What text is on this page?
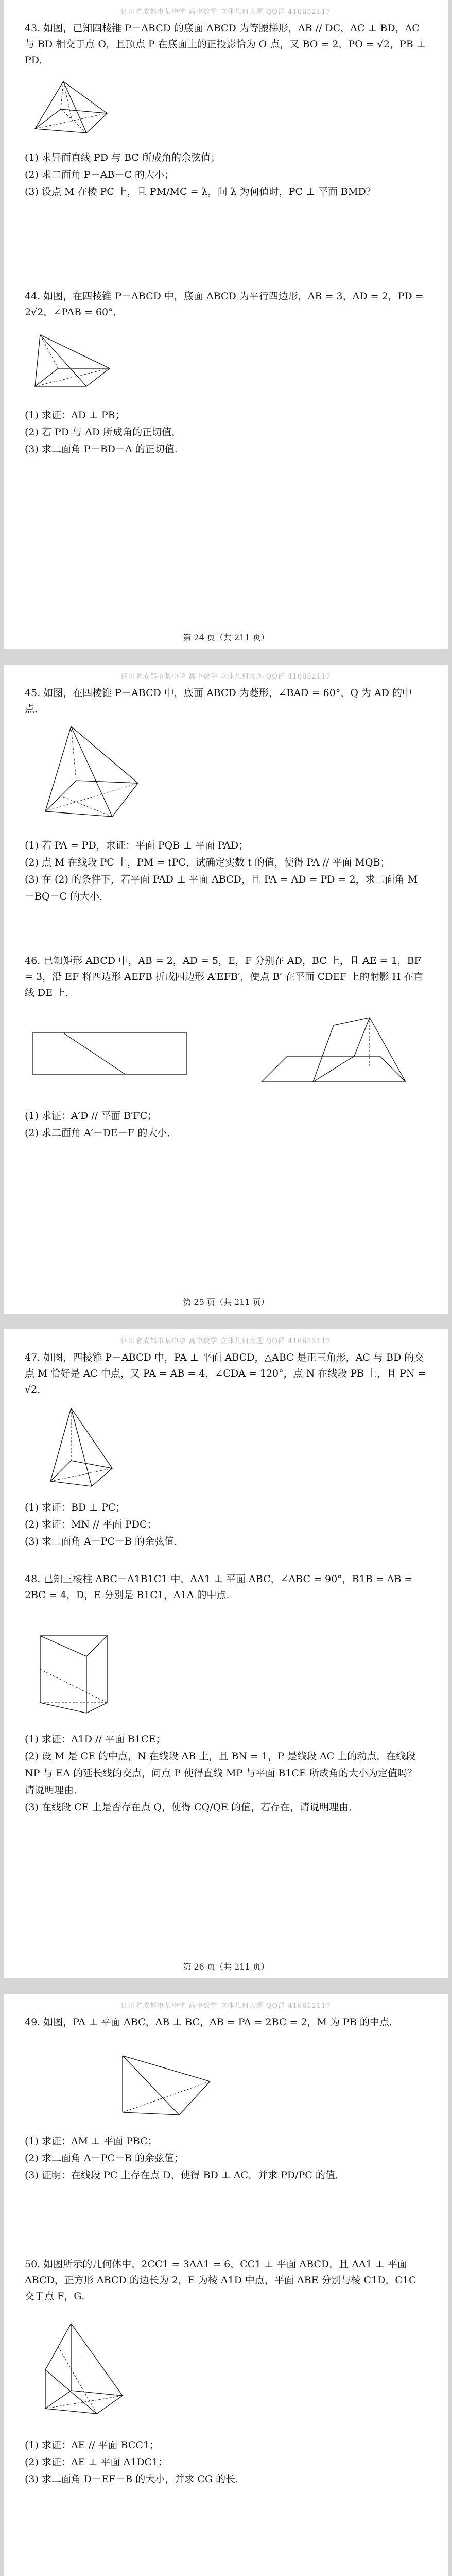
四川省成都市某中学 高中数学 立体几何大题 QQ群 416652117

43. 如图，已知四棱锥 P－ABCD 的底面 ABCD 为等腰梯形，AB // DC，AC ⊥ BD，AC 与 BD 相交于点 O，且顶点 P 在底面上的正投影恰为 O 点，又 BO = 2，PO = √2，PB ⊥ PD．

(1) 求异面直线 PD 与 BC 所成角的余弦值；

(2) 求二面角 P－AB－C 的大小；

(3) 设点 M 在棱 PC 上，且 PM/MC = λ，问 λ 为何值时，PC ⊥ 平面 BMD？

44. 如图，在四棱锥 P－ABCD 中，底面 ABCD 为平行四边形，AB = 3，AD = 2，PD = 2√2，∠PAB = 60°．

(1) 求证：AD ⊥ PB；

(2) 若 PD 与 AD 所成角的正切值，

(3) 求二面角 P－BD－A 的正切值．

第 24 页（共 211 页）
四川省成都市某中学 高中数学 立体几何大题 QQ群 416652117

45. 如图，在四棱锥 P－ABCD 中，底面 ABCD 为菱形，∠BAD = 60°，Q 为 AD 的中点．

(1) 若 PA = PD，求证：平面 PQB ⊥ 平面 PAD；

(2) 点 M 在线段 PC 上，PM = tPC，试确定实数 t 的值，使得 PA // 平面 MQB；

(3) 在 (2) 的条件下，若平面 PAD ⊥ 平面 ABCD，且 PA = AD = PD = 2，求二面角 M－BQ－C 的大小．

46. 已知矩形 ABCD 中，AB = 2，AD = 5，E，F 分别在 AD，BC 上，且 AE = 1，BF = 3，沿 EF 将四边形 AEFB 折成四边形 A′EFB′，使点 B′ 在平面 CDEF 上的射影 H 在直线 DE 上．

(1) 求证：A′D // 平面 B′FC；

(2) 求二面角 A′－DE－F 的大小．

第 25 页（共 211 页）
四川省成都市某中学 高中数学 立体几何大题 QQ群 416652117

47. 如图，四棱锥 P－ABCD 中，PA ⊥ 平面 ABCD，△ABC 是正三角形，AC 与 BD 的交点 M 恰好是 AC 中点，又 PA = AB = 4，∠CDA = 120°，点 N 在线段 PB 上，且 PN = √2．

(1) 求证：BD ⊥ PC；

(2) 求证：MN // 平面 PDC；

(3) 求二面角 A－PC－B 的余弦值．

48. 已知三棱柱 ABC－A1B1C1 中，AA1 ⊥ 平面 ABC，∠ABC = 90°，B1B = AB = 2BC = 4，D，E 分别是 B1C1，A1A 的中点．

(1) 求证：A1D // 平面 B1CE；

(2) 设 M 是 CE 的中点，N 在线段 AB 上，且 BN = 1，P 是线段 AC 上的动点，在线段 NP 与 EA 的延长线的交点，问点 P 使得直线 MP 与平面 B1CE 所成角的大小为定值吗？请说明理由．

(3) 在线段 CE 上是否存在点 Q，使得 CQ/QE 的值，若存在，请说明理由．

第 26 页（共 211 页）
四川省成都市某中学 高中数学 立体几何大题 QQ群 416652117

49. 如图，PA ⊥ 平面 ABC，AB ⊥ BC，AB = PA = 2BC = 2，M 为 PB 的中点．

(1) 求证：AM ⊥ 平面 PBC；

(2) 求二面角 A－PC－B 的余弦值；

(3) 证明：在线段 PC 上存在点 D，使得 BD ⊥ AC，并求 PD/PC 的值．

50. 如图所示的几何体中，2CC1 = 3AA1 = 6，CC1 ⊥ 平面 ABCD，且 AA1 ⊥ 平面 ABCD，正方形 ABCD 的边长为 2，E 为棱 A1D 中点，平面 ABE 分别与棱 C1D，C1C 交于点 F，G．

(1) 求证：AE // 平面 BCC1；

(2) 求证：AE ⊥ 平面 A1DC1；

(3) 求二面角 D－EF－B 的大小，并求 CG 的长．
